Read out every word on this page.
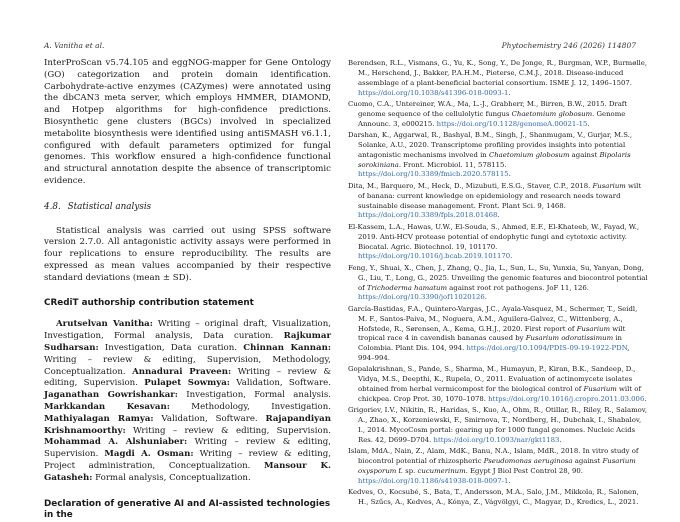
A. Vanitha et al.	Phytochemistry 246 (2026) 114807

InterProScan v5.74.105 and eggNOG-mapper for Gene Ontology (GO) categorization and protein domain identification. Carbohydrate-active enzymes (CAZymes) were annotated using the dbCAN3 meta server, which employs HMMER, DIAMOND, and Hotpep algorithms for high-confidence predictions. Biosynthetic gene clusters (BGCs) involved in specialized metabolite biosynthesis were identified using antiSMASH v6.1.1, configured with default parameters optimized for fungal genomes. This workflow ensured a high-confidence functional and structural annotation despite the absence of transcriptomic evidence.

4.8. Statistical analysis

Statistical analysis was carried out using SPSS software version 2.7.0. All antagonistic activity assays were performed in four replications to ensure reproducibility. The results are expressed as mean values accompanied by their respective standard deviations (mean ± SD).

CRediT authorship contribution statement

Arutselvan Vanitha: Writing – original draft, Visualization, Investigation, Formal analysis, Data curation. Rajkumar Sudharsan: Investigation, Data curation. Chinnan Kannan: Writing – review & editing, Supervision, Methodology, Conceptualization. Annadurai Praveen: Writing – review & editing, Supervision. Pulapet Sowmya: Validation, Software. Jaganathan Gowrishankar: Investigation, Formal analysis. Markkandan Kesavan: Methodology, Investigation. Mathiyalagan Ramya: Validation, Software. Rajapandiyan Krishnamoorthy: Writing – review & editing, Supervision. Mohammad A. Alshuniaber: Writing – review & editing, Supervision. Magdi A. Osman: Writing – review & editing, Project administration, Conceptualization. Mansour K. Gatasheh: Formal analysis, Conceptualization.

Declaration of generative AI and AI-assisted technologies in the
Berendsen, R.L., Vismans, G., Yu, K., Song, Y., De Jonge, R., Burgman, W.P., Burmølle, M., Herschend, J., Bakker, P.A.H.M., Pieterse, C.M.J., 2018. Disease-induced assemblage of a plant-beneficial bacterial consortium. ISME J. 12, 1496–1507. https://doi.org/10.1038/s41396-018-0093-1.
Cuomo, C.A., Untereiner, W.A., Ma, L.-J., Grabherr, M., Birren, B.W., 2015. Draft genome sequence of the cellulolytic fungus Chaetomium globosum. Genome Announc. 3, e000215. https://doi.org/10.1128/genomeA.00021-15.
Darshan, K., Aggarwal, R., Bashyal, B.M., Singh, J., Shanmugam, V., Gurjar, M.S., Solanke, A.U., 2020. Transcriptome profiling provides insights into potential antagonistic mechanisms involved in Chaetomium globosum against Bipolaris sorokiniana. Front. Microbiol. 11, 578115. https://doi.org/10.3389/fmicb.2020.578115.
Dita, M., Barquero, M., Heck, D., Mizubuti, E.S.G., Staver, C.P., 2018. Fusarium wilt of banana: current knowledge on epidemiology and research needs toward sustainable disease management. Front. Plant Sci. 9, 1468. https://doi.org/10.3389/fpls.2018.01468.
El-Kassem, L.A., Hawas, U.W., El-Souda, S., Ahmed, E.F., El-Khateeb, W., Fayad, W., 2019. Anti-HCV protease potential of endophytic fungi and cytotoxic activity. Biocatal. Agric. Biotechnol. 19, 101170. https://doi.org/10.1016/j.bcab.2019.101170.
Feng, Y., Shuai, X., Chen, J., Zhang, Q., Jia, L., Sun, L., Su, Yunxia, Su, Yanyan, Dong, G., Liu, T., Long, G., 2025. Unveiling the genomic features and biocontrol potential of Trichoderma hamatum against root rot pathogens. JoF 11, 126. https://doi.org/10.3390/jof11020126.
García-Bastidas, F.A., Quintero-Vargas, J.C., Ayala-Vasquez, M., Schermer, T., Seidl, M. F., Santos-Paiva, M., Noguera, A.M., Aguilera-Galvez, C., Wittenberg, A., Hofstede, R., Sørensen, A., Kema, G.H.J., 2020. First report of Fusarium wilt tropical race 4 in cavendish bananas caused by Fusarium odoratissimum in Colombia. Plant Dis. 104, 994. https://doi.org/10.1094/PDIS-09-19-1922-PDN, 994–994.
Gopalakrishnan, S., Pande, S., Sharma, M., Humayun, P., Kiran, B.K., Sandeep, D., Vidya, M.S., Deepthi, K., Rupela, O., 2011. Evaluation of actinomycete isolates obtained from herbal vermicompost for the biological control of Fusarium wilt of chickpea. Crop Prot. 30, 1070–1078. https://doi.org/10.1016/j.cropro.2011.03.006.
Grigoriev, I.V., Nikitin, R., Haridas, S., Kuo, A., Ohm, R., Otillar, R., Riley, R., Salamov, A., Zhao, X., Korzeniewski, F., Smirnova, T., Nordberg, H., Dubchak, I., Shabalov, I., 2014. MycoCosm portal: gearing up for 1000 fungal genomes. Nucleic Acids Res. 42, D699–D704. https://doi.org/10.1093/nar/gkt1183.
Islam, MdA., Nain, Z., Alam, MdK., Banu, N.A., Islam, MdR., 2018. In vitro study of biocontrol potential of rhizospheric Pseudomonas aeruginosa against Fusarium oxysporum f. sp. cucumerinum. Egypt J Biol Pest Control 28, 90. https://doi.org/10.1186/s41938-018-0097-1.
Kedves, O., Kocsubé, S., Bata, T., Andersson, M.A., Salo, J.M., Mikkola, R., Salonen, H., Szűcs, A., Kedves, A., Kónya, Z., Vágvölgyi, C., Magyar, D., Kredics, L., 2021.
